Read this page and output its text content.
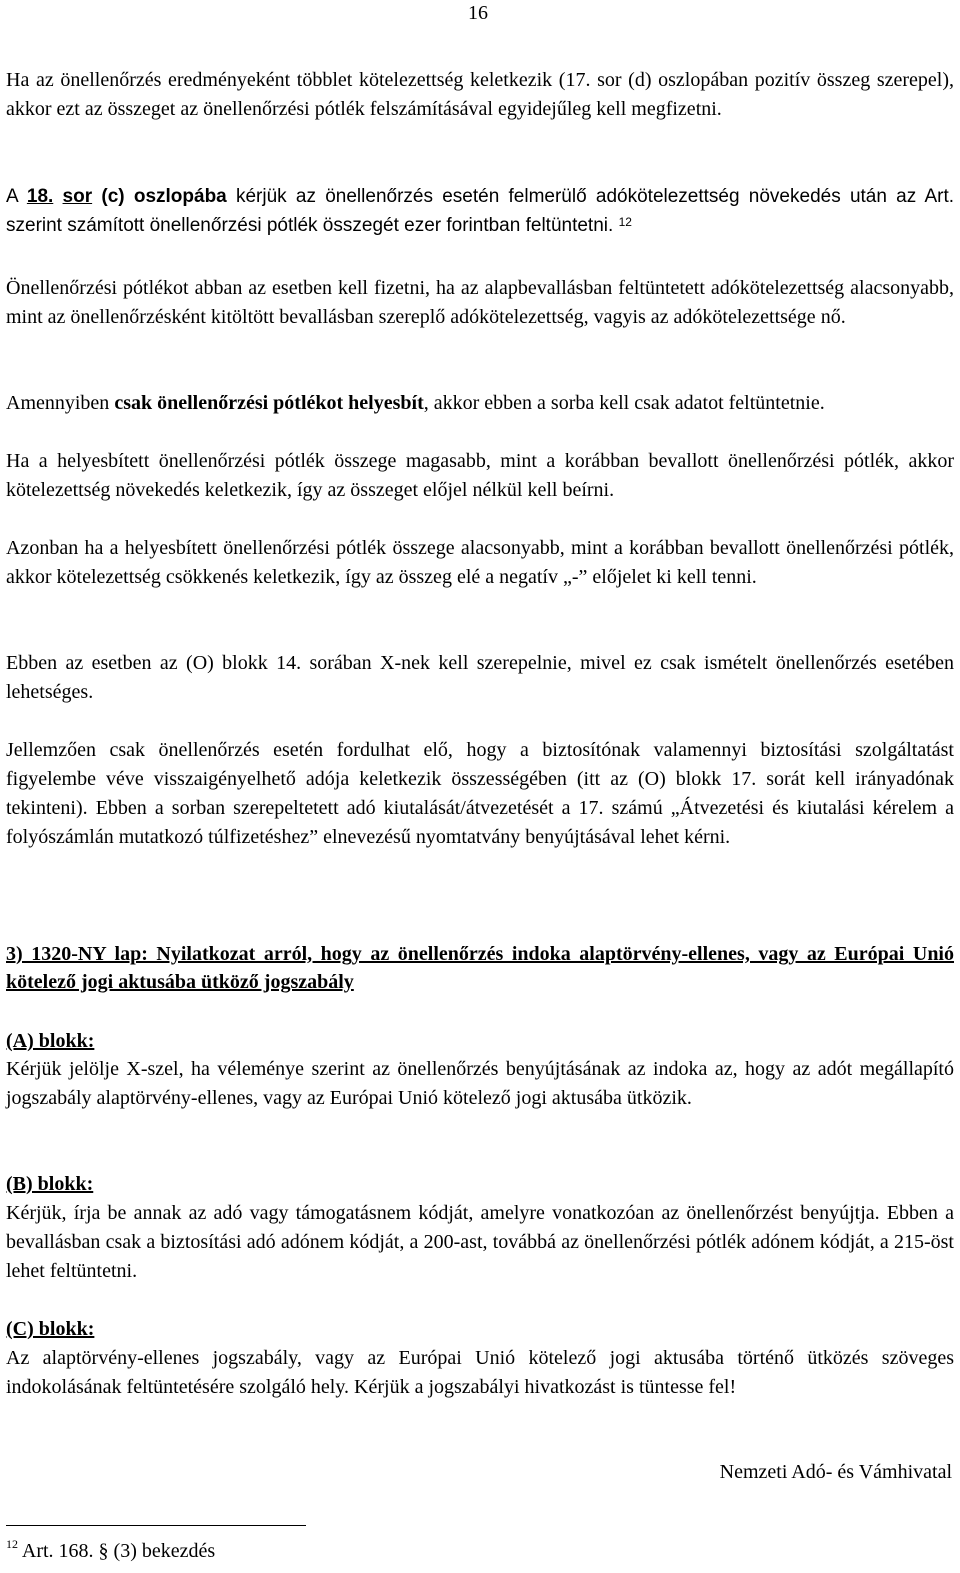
16

Ha az önellenőrzés eredményeként többlet kötelezettség keletkezik (17. sor (d) oszlopában pozitív összeg szerepel), akkor ezt az összeget az önellenőrzési pótlék felszámításával egyidejűleg kell megfizetni.

A 18. sor (c) oszlopába kérjük az önellenőrzés esetén felmerülő adókötelezettség növekedés után az Art. szerint számított önellenőrzési pótlék összegét ezer forintban feltüntetni. $^{12}$

Önellenőrzési pótlékot abban az esetben kell fizetni, ha az alapbevallásban feltüntetett adókötelezettség alacsonyabb, mint az önellenőrzésként kitöltött bevallásban szereplő adókötelezettség, vagyis az adókötelezettsége nő.

Amennyiben csak önellenőrzési pótlékot helyesbít, akkor ebben a sorba kell csak adatot feltüntetnie.

Ha a helyesbített önellenőrzési pótlék összege magasabb, mint a korábban bevallott önellenőrzési pótlék, akkor kötelezettség növekedés keletkezik, így az összeget előjel nélkül kell beírni.

Azonban ha a helyesbített önellenőrzési pótlék összege alacsonyabb, mint a korábban bevallott önellenőrzési pótlék, akkor kötelezettség csökkenés keletkezik, így az összeg elé a negatív „-” előjelet ki kell tenni.

Ebben az esetben az (O) blokk 14. sorában X-nek kell szerepelnie, mivel ez csak ismételt önellenőrzés esetében lehetséges.

Jellemzően csak önellenőrzés esetén fordulhat elő, hogy a biztosítónak valamennyi biztosítási szolgáltatást figyelembe véve visszaigényelhető adója keletkezik összességében (itt az (O) blokk 17. sorát kell irányadónak tekinteni). Ebben a sorban szerepeltetett adó kiutalását/átvezetését a 17. számú „Átvezetési és kiutalási kérelem a folyószámlán mutatkozó túlfizetéshez” elnevezésű nyomtatvány benyújtásával lehet kérni.

3) 1320-NY lap: Nyilatkozat arról, hogy az önellenőrzés indoka alaptörvény-ellenes, vagy az Európai Unió kötelező jogi aktusába ütköző jogszabály

(A) blokk:

Kérjük jelölje X-szel, ha véleménye szerint az önellenőrzés benyújtásának az indoka az, hogy az adót megállapító jogszabály alaptörvény-ellenes, vagy az Európai Unió kötelező jogi aktusába ütközik.

(B) blokk:

Kérjük, írja be annak az adó vagy támogatásnem kódját, amelyre vonatkozóan az önellenőrzést benyújtja. Ebben a bevallásban csak a biztosítási adó adónem kódját, a 200-ast, továbbá az önellenőrzési pótlék adónem kódját, a 215-öst lehet feltüntetni.

(C) blokk:

Az alaptörvény-ellenes jogszabály, vagy az Európai Unió kötelező jogi aktusába történő ütközés szöveges indokolásának feltüntetésére szolgáló hely. Kérjük a jogszabályi hivatkozást is tüntesse fel!

Nemzeti Adó- és Vámhivatal
$^{12}$ Art. 168. § (3) bekezdés
